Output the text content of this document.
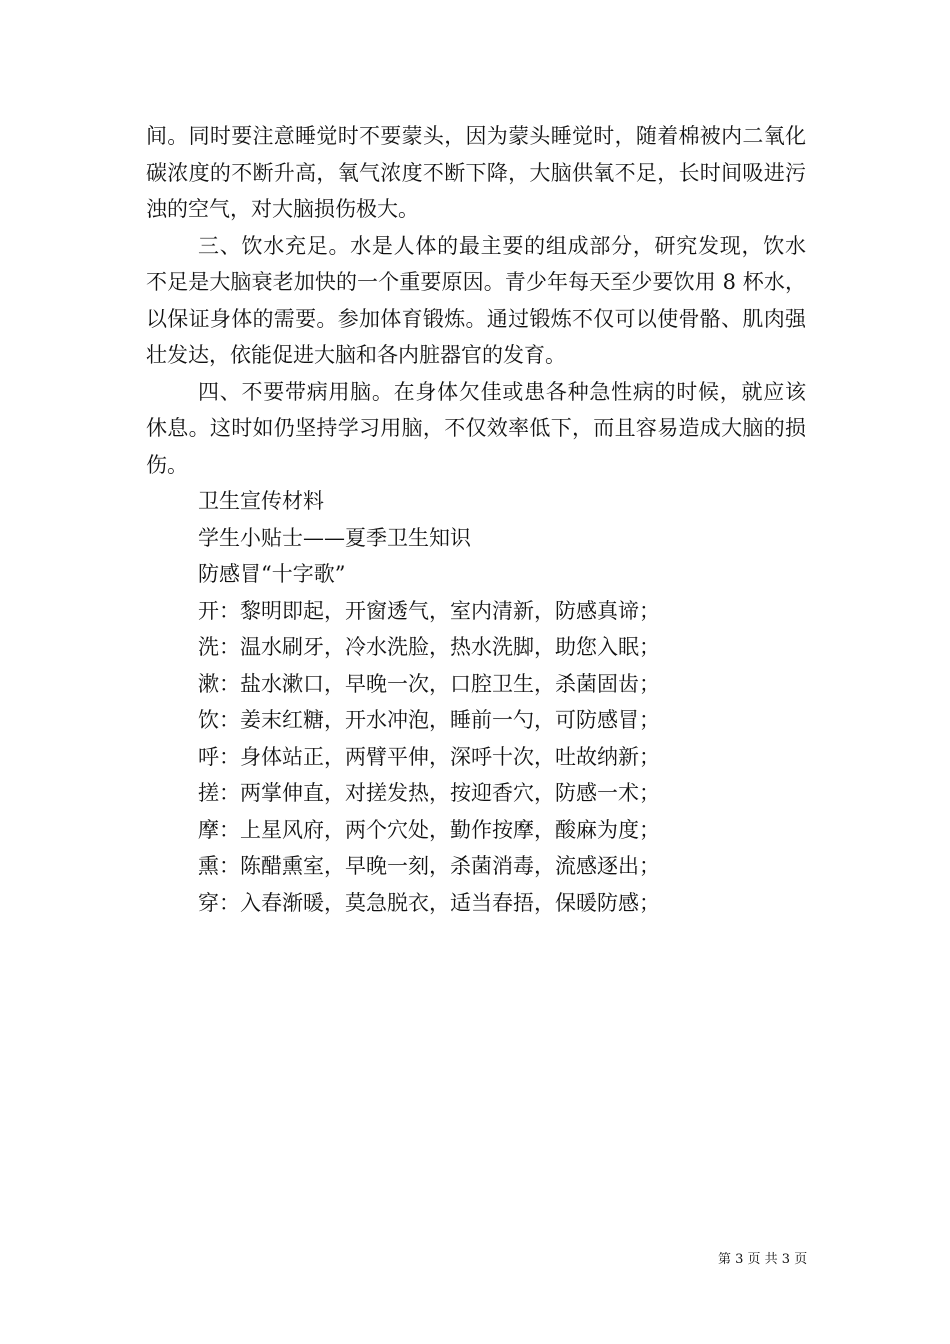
间。同时要注意睡觉时不要蒙头，因为蒙头睡觉时，随着棉被内二氧化碳浓度的不断升高，氧气浓度不断下降，大脑供氧不足，长时间吸进污浊的空气，对大脑损伤极大。

三、饮水充足。水是人体的最主要的组成部分，研究发现，饮水不足是大脑衰老加快的一个重要原因。青少年每天至少要饮用 8 杯水，以保证身体的需要。参加体育锻炼。通过锻炼不仅可以使骨骼、肌肉强壮发达，依能促进大脑和各内脏器官的发育。

四、不要带病用脑。在身体欠佳或患各种急性病的时候，就应该休息。这时如仍坚持学习用脑，不仅效率低下，而且容易造成大脑的损伤。

卫生宣传材料

学生小贴士——夏季卫生知识

防感冒“十字歌”

开：黎明即起，开窗透气，室内清新，防感真谛；

洗：温水刷牙，冷水洗脸，热水洗脚，助您入眠；

漱：盐水漱口，早晚一次，口腔卫生，杀菌固齿；

饮：姜末红糖，开水冲泡，睡前一勺，可防感冒；

呼：身体站正，两臂平伸，深呼十次，吐故纳新；

搓：两掌伸直，对搓发热，按迎香穴，防感一术；

摩：上星风府，两个穴处，勤作按摩，酸麻为度；

熏：陈醋熏室，早晚一刻，杀菌消毒，流感逐出；

穿：入春渐暖，莫急脱衣，适当春捂，保暖防感；

第 3 页 共 3 页
